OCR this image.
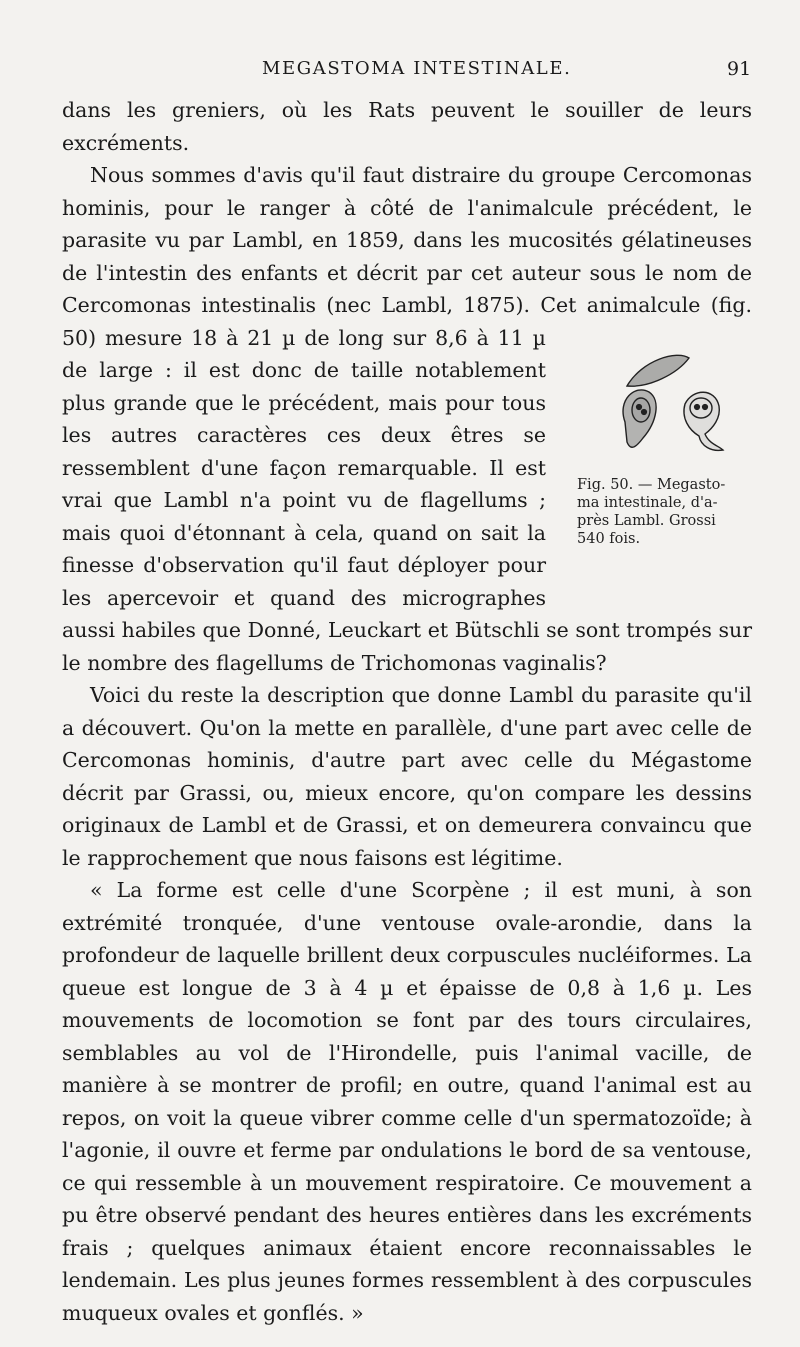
MEGASTOMA INTESTINALE.	91
Fig. 50. — Megasto-
ma intestinale, d'a-
près Lambl. Grossi
540 fois.

dans les greniers, où les Rats peuvent le souiller de leurs excréments.

Nous sommes d'avis qu'il faut distraire du groupe Cercomonas hominis, pour le ranger à côté de l'animalcule précédent, le parasite vu par Lambl, en 1859, dans les mucosités gélatineuses de l'intestin des enfants et décrit par cet auteur sous le nom de Cercomonas intestinalis (nec Lambl, 1875). Cet animalcule (fig. 50) mesure 18 à 21 µ de long sur 8,6 à 11 µ de large : il est donc de taille notablement plus grande que le précédent, mais pour tous les autres caractères ces deux êtres se ressemblent d'une façon remarquable. Il est vrai que Lambl n'a point vu de flagellums ; mais quoi d'étonnant à cela, quand on sait la finesse d'observation qu'il faut déployer pour les apercevoir et quand des micrographes aussi habiles que Donné, Leuckart et Bütschli se sont trompés sur le nombre des flagellums de Trichomonas vaginalis?

Voici du reste la description que donne Lambl du parasite qu'il a découvert. Qu'on la mette en parallèle, d'une part avec celle de Cercomonas hominis, d'autre part avec celle du Mégastome décrit par Grassi, ou, mieux encore, qu'on compare les dessins originaux de Lambl et de Grassi, et on demeurera convaincu que le rapprochement que nous faisons est légitime.

« La forme est celle d'une Scorpène ; il est muni, à son extrémité tronquée, d'une ventouse ovale-arondie, dans la profondeur de laquelle brillent deux corpuscules nucléiformes. La queue est longue de 3 à 4 µ et épaisse de 0,8 à 1,6 µ. Les mouvements de locomotion se font par des tours circulaires, semblables au vol de l'Hirondelle, puis l'animal vacille, de manière à se montrer de profil; en outre, quand l'animal est au repos, on voit la queue vibrer comme celle d'un spermatozoïde; à l'agonie, il ouvre et ferme par ondulations le bord de sa ventouse, ce qui ressemble à un mouvement respiratoire. Ce mouvement a pu être observé pendant des heures entières dans les excréments frais ; quelques animaux étaient encore reconnaissables le lendemain. Les plus jeunes formes ressemblent à des corpuscules muqueux ovales et gonflés. »
